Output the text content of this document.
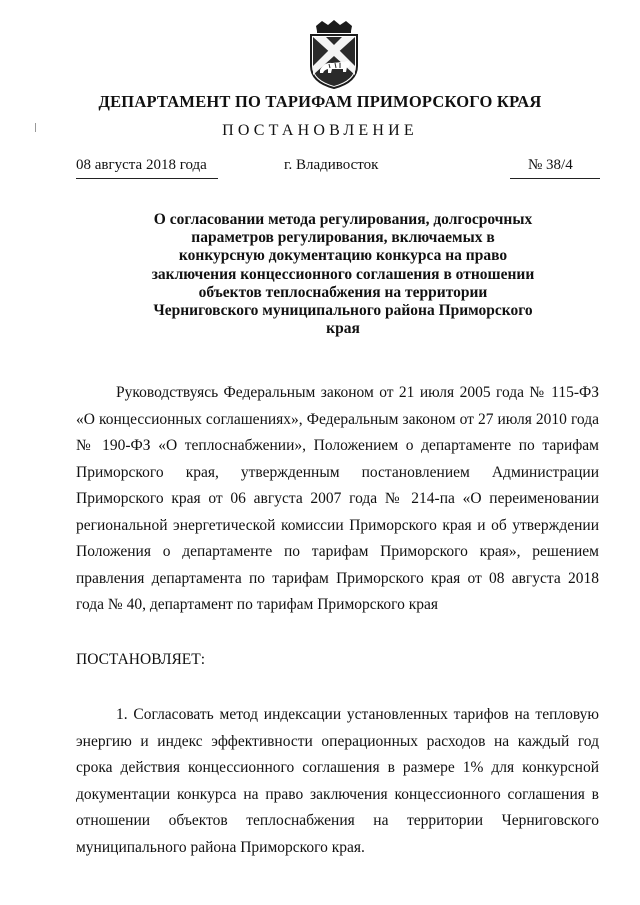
ДЕПАРТАМЕНТ ПО ТАРИФАМ ПРИМОРСКОГО КРАЯ
ПОСТАНОВЛЕНИЕ
08 августа 2018 года	г. Владивосток	№ 38/4
О согласовании метода регулирования, долгосрочных параметров регулирования, включаемых в конкурсную документацию конкурса на право заключения концессионного соглашения в отношении объектов теплоснабжения на территории Черниговского муниципального района Приморского края
Руководствуясь Федеральным законом от 21 июля 2005 года № 115-ФЗ «О концессионных соглашениях», Федеральным законом от 27 июля 2010 года № 190-ФЗ «О теплоснабжении», Положением о департаменте по тарифам Приморского края, утвержденным постановлением Администрации Приморского края от 06 августа 2007 года № 214-па «О переименовании региональной энергетической комиссии Приморского края и об утверждении Положения о департаменте по тарифам Приморского края», решением правления департамента по тарифам Приморского края от 08 августа 2018 года № 40, департамент по тарифам Приморского края
ПОСТАНОВЛЯЕТ:
1. Согласовать метод индексации установленных тарифов на тепловую энергию и индекс эффективности операционных расходов на каждый год срока действия концессионного соглашения в размере 1% для конкурсной документации конкурса на право заключения концессионного соглашения в отношении объектов теплоснабжения на территории Черниговского муниципального района Приморского края.
